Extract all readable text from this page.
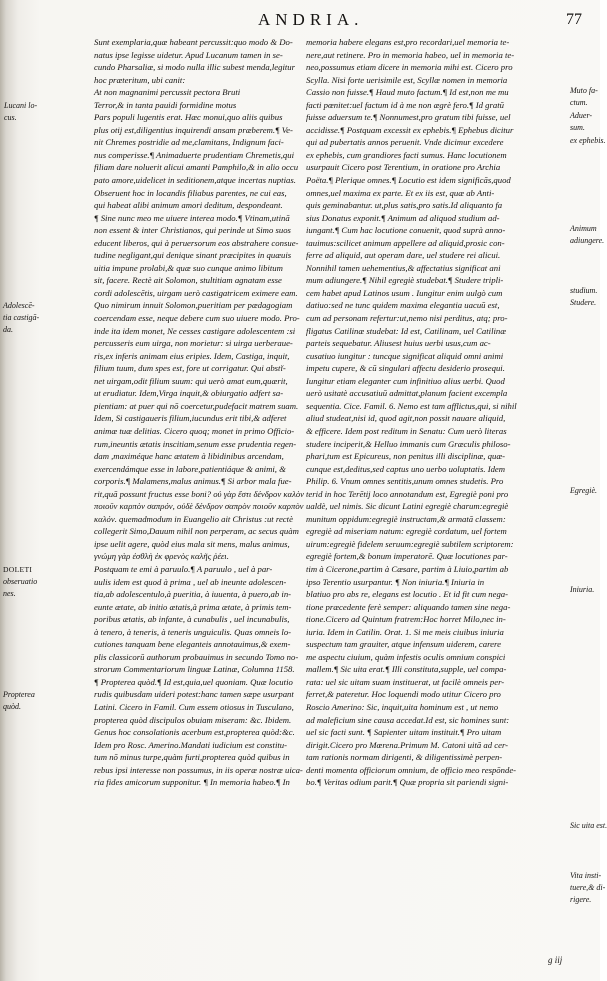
ANDRIA.	77
Sunt exemplaria,quæ habeant percussit:quo modo & Do-
natus ipse legisse uidetur. Apud Lucanum tamen in se-
cundo Pharsaliæ, si modo nulla illic subest menda,legitur
hoc præteritum, ubi canit:
At non magnanimi percussit pectora Bruti
Terror,& in tanta pauidi formidine motus
Pars populi lugentis erat. Hæc monui,quo aliis quibus
plus otij est,diligentius inquirendi ansam præberem.¶ Ve-
nit Chremes postridie ad me,clamitans, Indignum faci-
nus comperisse.¶ Animaduerte prudentiam Chremetis,qui
filiam dare noluerit alicui amanti Pamphilo,& in alio occu
pato amore,uidelicet in seditionem,atque incertas nuptias.
Obseruent hoc in locandis filiabus parentes, ne cui eas,
qui habeat alibi animum amori deditum, despondeant.
¶ Sine nunc meo me uiuere interea modo.¶ Vtinam,utinā
non essent & inter Christianos, qui perinde ut Simo suos
educent liberos, qui à peruersorum eos abstrahere consue-
tudine negligant,qui denique sinant præcipites in quæuis
uitia impune prolabi,& quæ suo cunque animo libitum
sit, facere. Rectè ait Solomon, stultitiam agnatam esse
cordi adolescētis, uirgam uerò castigatricem eximere eam.
Quo nimirum innuit Solomon,pueritiam per pædagogiam
coercendam esse, neque debere cum suo uiuere modo. Pro-
inde ita idem monet, Ne cesses castigare adolescentem :si
percusseris eum uirga, non morietur: si uirga uerberaue-
ris,ex inferis animam eius eripies. Idem, Castiga, inquit,
filium tuum, dum spes est, fore ut corrigatur. Qui abstĭ-
net uirgam,odit filium suum: qui uerò amat eum,quærit,
ut erudiatur. Idem,Virga inquit,& obiurgatio adfert sa-
pientiam: at puer qui nō coercetur,pudefacit matrem suam.
Idem, Si castigaueris filium,iucundus erit tibi,& adferet
animæ tuæ delitias. Cicero quoq; monet in primo Officio-
rum,ineuntis ætatis inscitiam,senum esse prudentia regen-
dam ,maximéque hanc ætatem à libidinibus arcendam,
exercendámque esse in labore,patientiáque & animi, &
corporis.¶ Malamens,malus animus.¶ Si arbor mala fue-
rit,quā possunt fructus esse boni? οὐ γὰρ ἔστι δένδρον καλὸν
ποιοῦν καρπὸν σαπρόν, οὐδὲ δένδρον σαπρὸν ποιοῦν καρπὸν
καλόν. quemadmodum in Euangelio ait Christus :ut rectè
collegerit Simo,Dauum nihil non perperam, ac secus quàm
ipse uelit agere, quòd eius mala sit mens, malus animus,
γνώμη γὰρ ἐσθλὴ ἐκ φρενὸς καλῆς ῥέει.
Postquam te emi à paruulo.¶ A paruulo , uel à par-
uulis idem est quod à prima , uel ab ineunte adolescen-
tia,ab adolescentulo,à pueritia, à iuuenta, à puero,ab in-
eunte ætate, ab initio ætatis,à prima ætate, à primis tem-
poribus ætatis, ab infante, à cunabulis , uel incunabulis,
à tenero, à teneris, à teneris unguiculis. Quas omneis lo-
cutiones tanquam bene eleganteis annotauimus,& exem-
plis classicorū authorum probauimus in secundo Tomo no-
strorum Commentariorum linguæ Latinæ, Columna 1158.
¶ Propterea quòd.¶ Id est,quia,uel quoniam. Quæ locutio
rudis quibusdam uideri potest:hanc tamen sæpe usurpant
Latini. Cicero in Famil. Cum essem otiosus in Tusculano,
propterea quòd discipulos obuiam miseram: &c. Ibidem.
Genus hoc consolationis acerbum est,propterea quòd:&c.
Idem pro Rosc. Amerino.Mandati iudicium est constitu-
tum nō minus turpe,quàm furti,propterea quòd quibus in
rebus ipsi interesse non possumus, in iis operæ nostræ uica-
ria fides amicorum supponitur. ¶ In memoria habeo.¶ In
memoria habere elegans est,pro recordari,uel memoria te-
nere,aut retinere. Pro in memoria habeo, uel in memoria te-
neo,possumus etiam dicere in memoria mihi est. Cicero pro
Scylla. Nisi forte uerisimile est, Scyllæ nomen in memoria
Cassio non fuisse.¶ Haud muto factum.¶ Id est,non me mu
facti pœnitet:uel factum id à me non ægrè fero.¶ Id gratū
fuisse aduersum te.¶ Nonnumest,pro gratum tibi fuisse, uel
accidisse.¶ Postquam excessit ex ephebis.¶ Ephebus dicitur
qui ad pubertatis annos peruenit. Vnde dicimur excedere
ex ephebis, cum grandiores facti sumus. Hanc locutionem
usurpauit Cicero post Terentium, in oratione pro Archia
Poëta.¶ Plerique omnes.¶ Locutio est idem significās,quod
omnes,uel maxima ex parte. Et ex iis est, quæ ab Anti-
quis geminabantur. ut,plus satis,pro satis.Id aliquanto fa
sius Donatus exponit.¶ Animum ad aliquod studium ad-
iungant.¶ Cum hac locutione conuenit, quod suprà anno-
tauimus:scilicet animum appellere ad aliquid,prosic con-
ferre ad aliquid, aut operam dare, uel studere rei alicui.
Nonnihil tamen uehementius,& affectatius significat ani
mum adiungere.¶ Nihil egregiè studebat.¶ Studere tripli-
cem habet apud Latinos usum . Iungitur enim uulgò cum
datiuo:sed ne tunc quidem maxima elegantia uacuū est,
cum ad personam refertur:ut,nemo nisi perditus, atq; pro-
fligatus Catilinæ studebat: Id est, Catilinam, uel Catilinæ
parteis sequebatur. Aliusest huius uerbi usus,cum ac-
cusatiuo iungitur : tuncque significat aliquid omni animi
impetu cupere, & cū singulari affectu desiderio prosequi.
Iungitur etiam eleganter cum infinitiuo alius uerbi. Quod
uerò usitatè accusatiuū admittat,planum facient excempla
sequentia. Cice. Famil. 6. Nemo est tam afflictus,qui, si nihil
aliud studeat,nisi id, quod agit,non possit nauare aliquid,
& efficere. Idem post reditum in Senatu: Cum uerò literas
studere inciperit,& Helluo immanis cum Græculis philoso-
phari,tum est Epicureus, non penitus illi disciplinæ, quæ-
cunque est,deditus,sed captus uno uerbo uoluptatis. Idem
Philip. 6. Vnum omnes sentitis,unum omnes studetis. Pro
terid in hoc Terētij loco annotandum est, Egregiè poni pro
ualdè, uel nimis. Sic dicunt Latini egregiè charum:egregiè
munitum oppidum:egregiè instructam,& armatā classem:
egregiè ad miseriam natum: egregiè cordatum, uel fortem
uirum:egregiè fidelem seruum:egregiè subtilem scriptorem:
egregiè fortem,& bonum imperatorē. Quæ locutiones par-
tim à Cicerone,partim à Cæsare, partim à Liuio,partim ab
ipso Terentio usurpantur. ¶ Non iniuria.¶ Iniuria in
blatiuo pro abs re, elegans est locutio . Et id fit cum nega-
tione præcedente ferè semper: aliquando tamen sine nega-
tione.Cicero ad Quintum fratrem:Hoc horret Milo,nec in-
iuria. Idem in Catilin. Orat. 1. Si me meis ciuibus iniuria
suspectum tam grauiter, atque infensum uiderem, carere
me aspectu ciuium, quàm infestis oculis omnium conspici
mallem.¶ Sic uita erat.¶ Illi constituta,supple, uel compa-
rata: uel sic uitam suam instituerat, ut facilè omneis per-
ferret,& pateretur. Hoc loquendi modo utitur Cicero pro
Roscio Amerino: Sic, inquit,uita hominum est , ut nemo
ad maleficium sine causa accedat.Id est, sic homines sunt:
uel sic facti sunt. ¶ Sapienter uitam instituit.¶ Pro uitam
dirigit.Cicero pro Mœrena.Primum M. Catoni uitā ad cer-
tam rationis normam dirigenti, & diligentissimè perpen-
denti momenta officiorum omnium, de officio meo respōnde-
bo.¶ Veritas odium parit.¶ Quæ propria sit pariendi signi-
Lucani lo-
cus.
Adolescē-
tia castigā-
da.
DOLETI
obseruatio
nes.
Propterea
quòd.
Muto fa-
ctum.
Aduer-
sum.
ex ephebis.
Animum
adiungere.
studium.
Studere.
Egregiè.
Iniuria.
Sic uita est.
Vita insti-
tuere,& di-
rigere.
g iij
